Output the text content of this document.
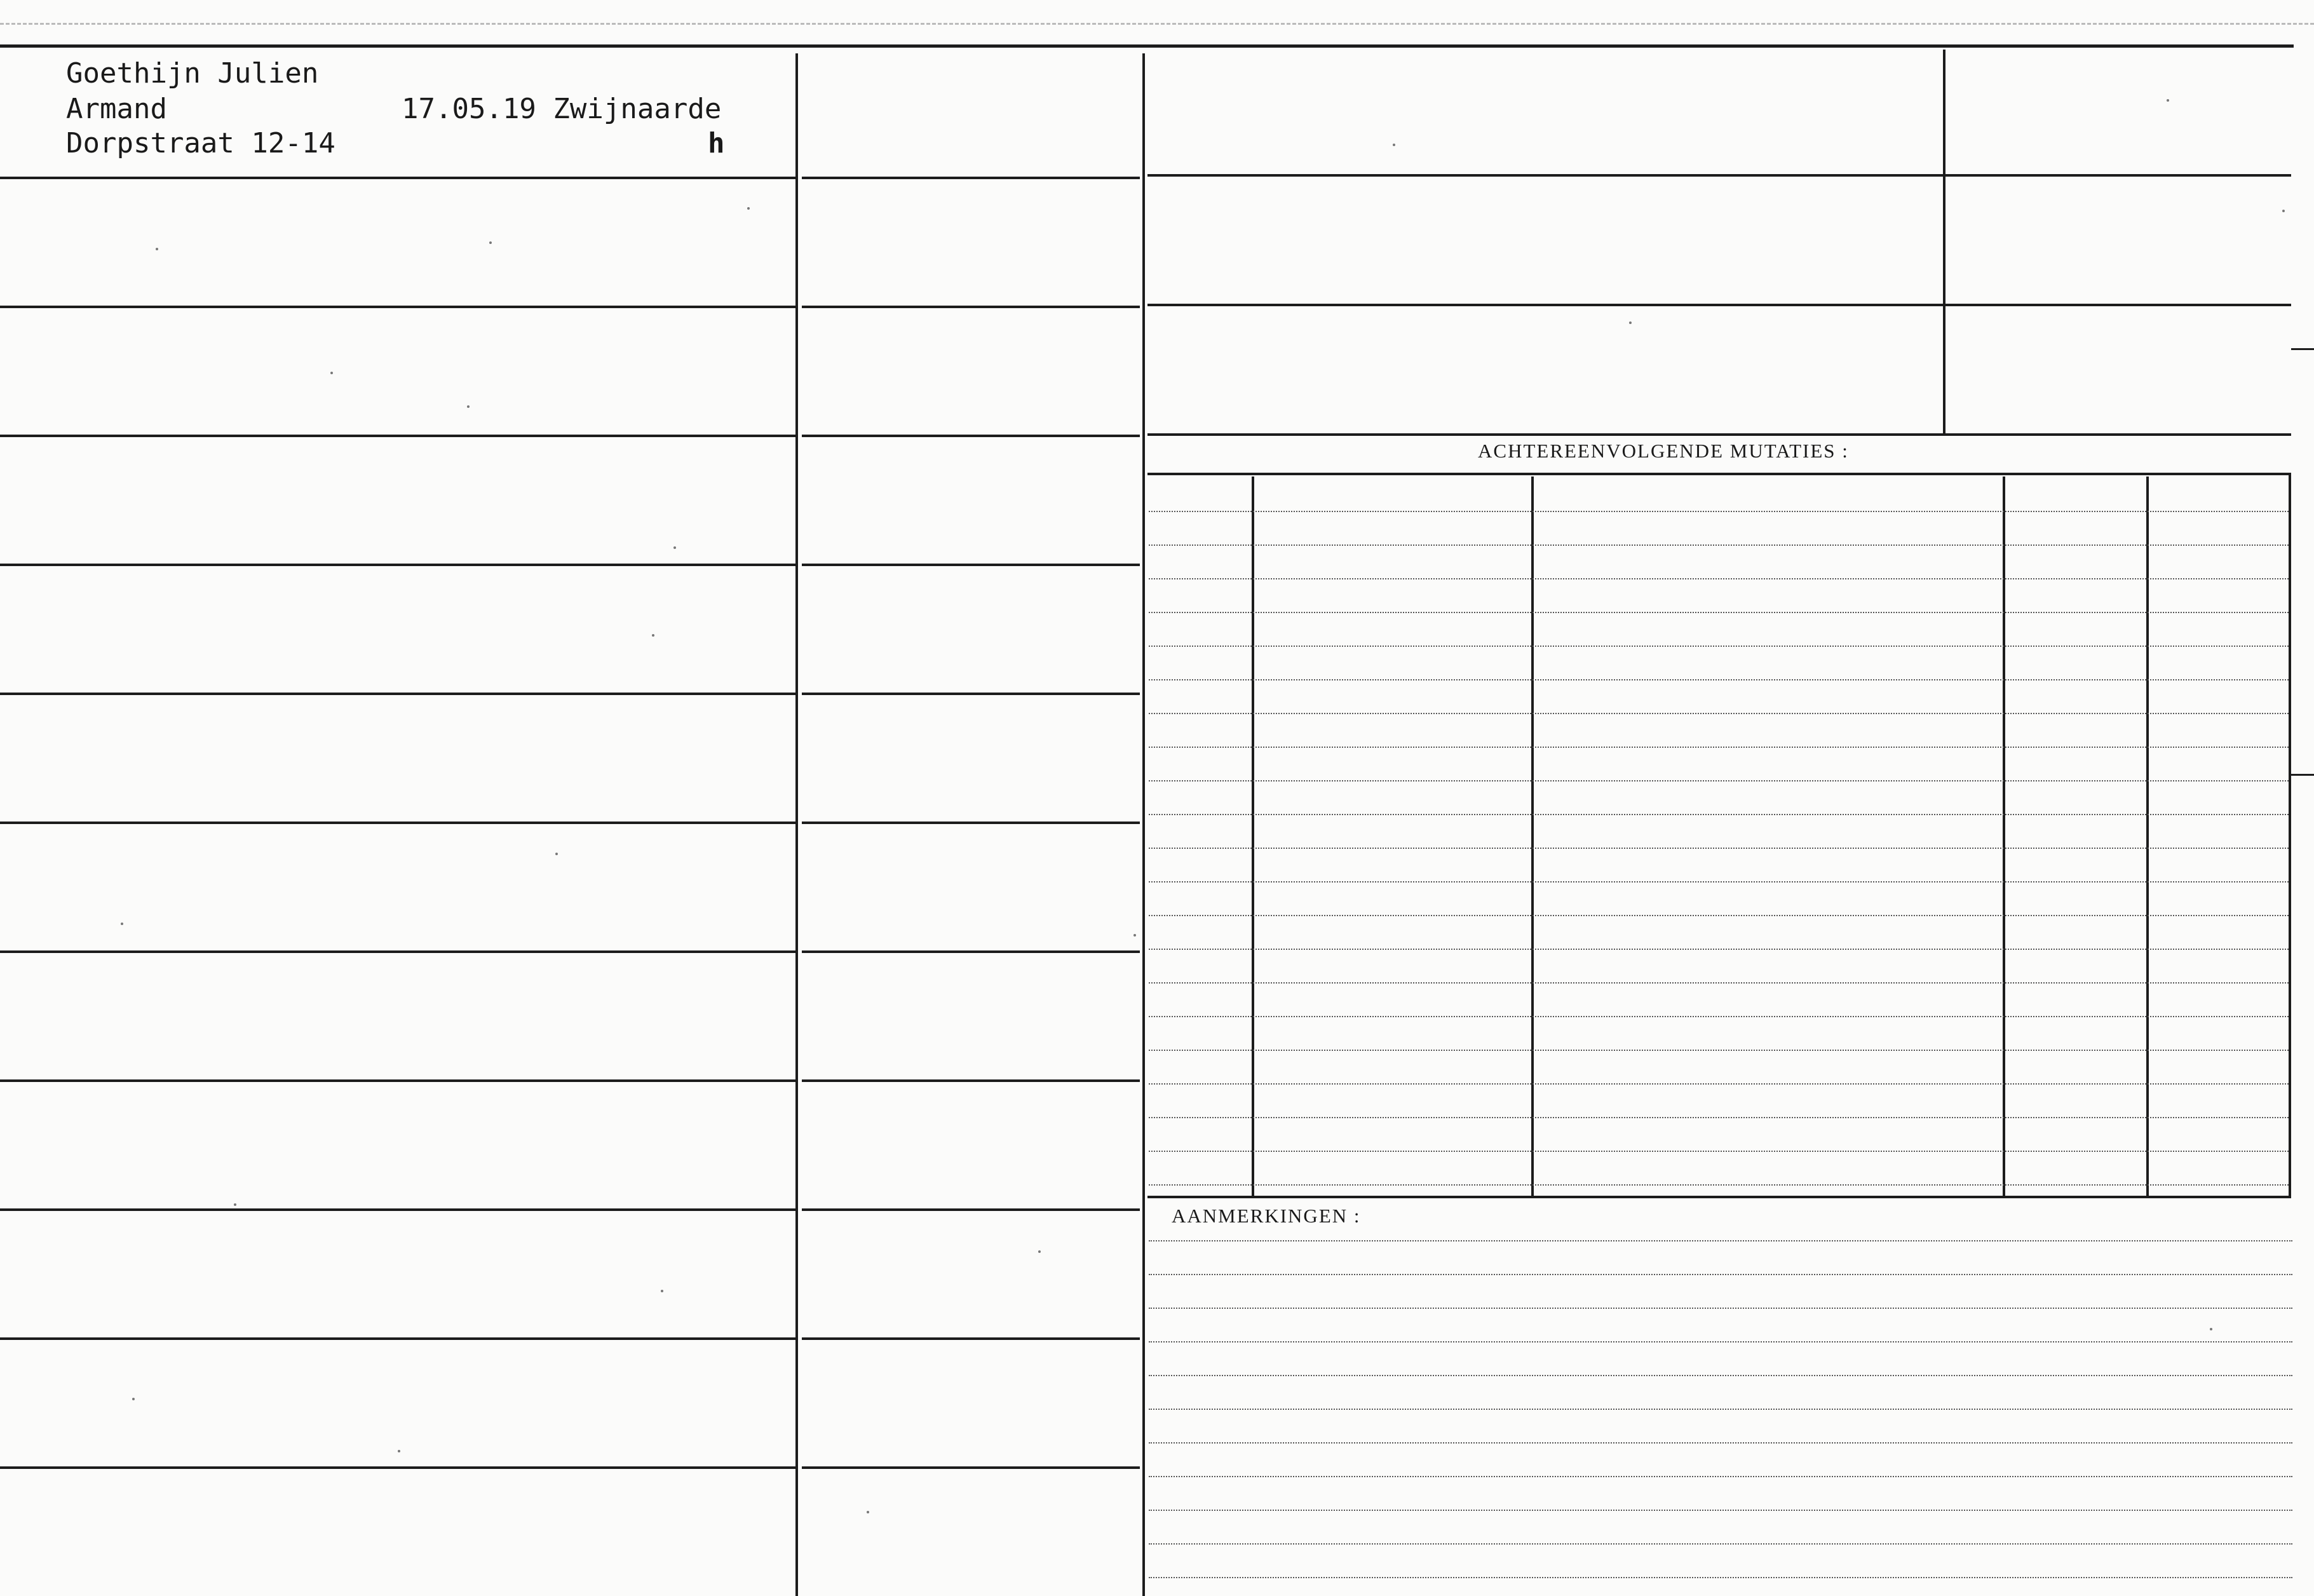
ACHTEREENVOLGENDE MUTATIES :
AANMERKINGEN :
Goethijn Julien
Armand	17.05.19 Zwijnaarde
Dorpstraat 12-14	h
